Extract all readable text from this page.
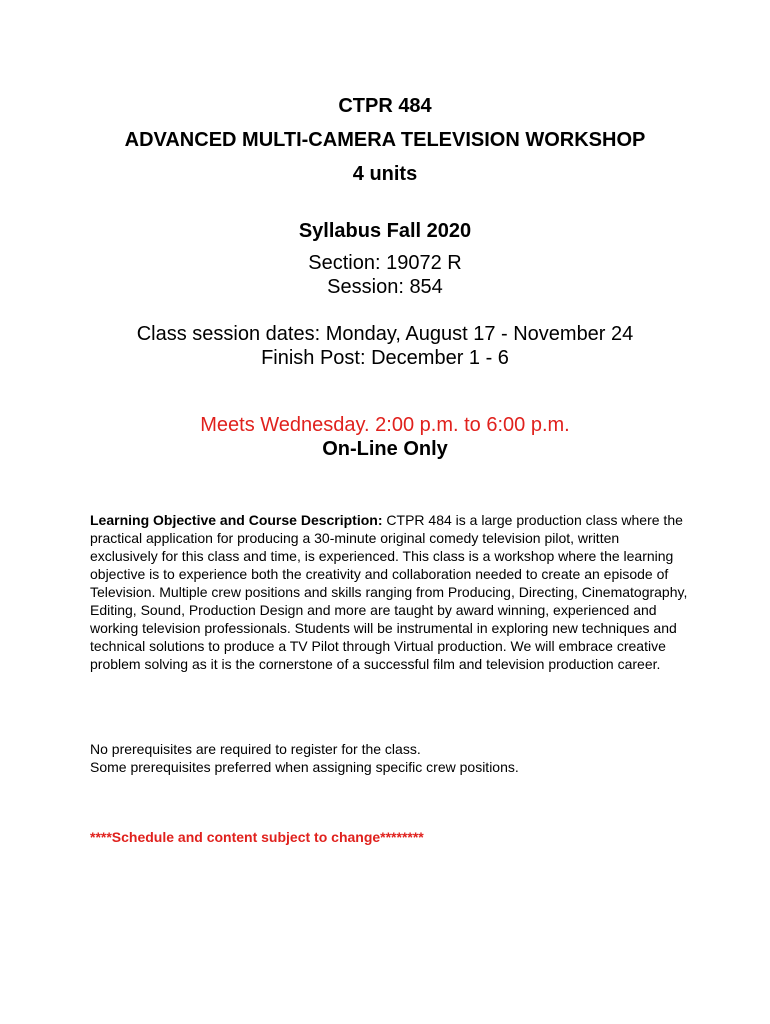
CTPR 484
ADVANCED MULTI-CAMERA TELEVISION WORKSHOP
4 units
Syllabus Fall 2020
Section: 19072 R
Session: 854
Class session dates: Monday, August 17 - November 24
Finish Post: December 1 - 6
Meets Wednesday. 2:00 p.m. to 6:00 p.m.
On-Line Only

Learning Objective and Course Description: CTPR 484 is a large production class where the practical application for producing a 30-minute original comedy television pilot, written exclusively for this class and time, is experienced. This class is a workshop where the learning objective is to experience both the creativity and collaboration needed to create an episode of Television. Multiple crew positions and skills ranging from Producing, Directing, Cinematography, Editing, Sound, Production Design and more are taught by award winning, experienced and working television professionals. Students will be instrumental in exploring new techniques and technical solutions to produce a TV Pilot through Virtual production. We will embrace creative problem solving as it is the cornerstone of a successful film and television production career.

No prerequisites are required to register for the class.
Some prerequisites preferred when assigning specific crew positions.

****Schedule and content subject to change********
